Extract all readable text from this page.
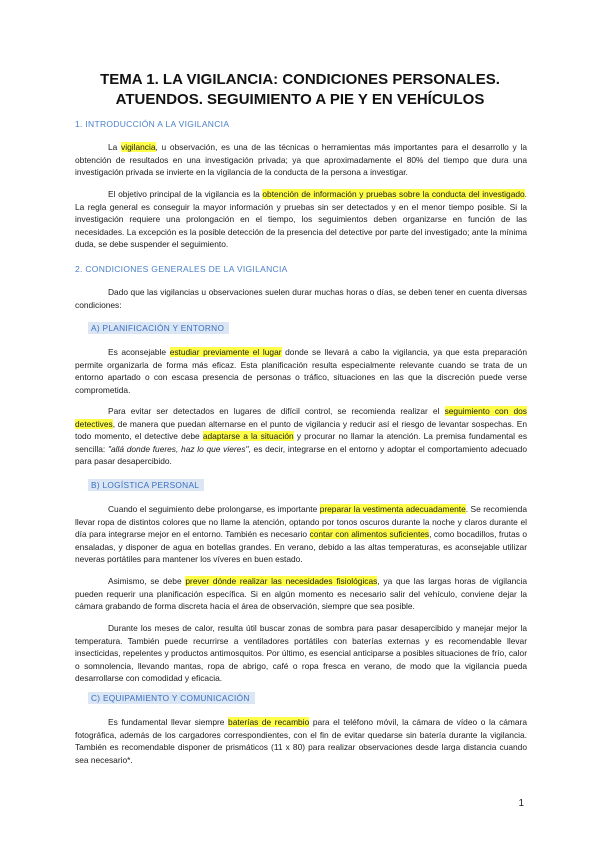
TEMA 1. LA VIGILANCIA: CONDICIONES PERSONALES.
ATUENDOS. SEGUIMIENTO A PIE Y EN VEHÍCULOS
1. INTRODUCCIÓN A LA VIGILANCIA
La vigilancia, u observación, es una de las técnicas o herramientas más importantes para el desarrollo y la obtención de resultados en una investigación privada; ya que aproximadamente el 80% del tiempo que dura una investigación privada se invierte en la vigilancia de la conducta de la persona a investigar.
El objetivo principal de la vigilancia es la obtención de información y pruebas sobre la conducta del investigado. La regla general es conseguir la mayor información y pruebas sin ser detectados y en el menor tiempo posible. Si la investigación requiere una prolongación en el tiempo, los seguimientos deben organizarse en función de las necesidades. La excepción es la posible detección de la presencia del detective por parte del investigado; ante la mínima duda, se debe suspender el seguimiento.
2. CONDICIONES GENERALES DE LA VIGILANCIA
Dado que las vigilancias u observaciones suelen durar muchas horas o días, se deben tener en cuenta diversas condiciones:
A) PLANIFICACIÓN Y ENTORNO
Es aconsejable estudiar previamente el lugar donde se llevará a cabo la vigilancia, ya que esta preparación permite organizarla de forma más eficaz. Esta planificación resulta especialmente relevante cuando se trata de un entorno apartado o con escasa presencia de personas o tráfico, situaciones en las que la discreción puede verse comprometida.
Para evitar ser detectados en lugares de difícil control, se recomienda realizar el seguimiento con dos detectives, de manera que puedan alternarse en el punto de vigilancia y reducir así el riesgo de levantar sospechas. En todo momento, el detective debe adaptarse a la situación y procurar no llamar la atención. La premisa fundamental es sencilla: "allá donde fueres, haz lo que vieres", es decir, integrarse en el entorno y adoptar el comportamiento adecuado para pasar desapercibido.
B) LOGÍSTICA PERSONAL
Cuando el seguimiento debe prolongarse, es importante preparar la vestimenta adecuadamente. Se recomienda llevar ropa de distintos colores que no llame la atención, optando por tonos oscuros durante la noche y claros durante el día para integrarse mejor en el entorno. También es necesario contar con alimentos suficientes, como bocadillos, frutas o ensaladas, y disponer de agua en botellas grandes. En verano, debido a las altas temperaturas, es aconsejable utilizar neveras portátiles para mantener los víveres en buen estado.
Asimismo, se debe prever dónde realizar las necesidades fisiológicas, ya que las largas horas de vigilancia pueden requerir una planificación específica. Si en algún momento es necesario salir del vehículo, conviene dejar la cámara grabando de forma discreta hacia el área de observación, siempre que sea posible.
Durante los meses de calor, resulta útil buscar zonas de sombra para pasar desapercibido y manejar mejor la temperatura. También puede recurrirse a ventiladores portátiles con baterías externas y es recomendable llevar insecticidas, repelentes y productos antimosquitos. Por último, es esencial anticiparse a posibles situaciones de frío, calor o somnolencia, llevando mantas, ropa de abrigo, café o ropa fresca en verano, de modo que la vigilancia pueda desarrollarse con comodidad y eficacia.
C) EQUIPAMIENTO Y COMUNICACIÓN
Es fundamental llevar siempre baterías de recambio para el teléfono móvil, la cámara de vídeo o la cámara fotográfica, además de los cargadores correspondientes, con el fin de evitar quedarse sin batería durante la vigilancia. También es recomendable disponer de prismáticos (11 x 80) para realizar observaciones desde larga distancia cuando sea necesario*.
1
